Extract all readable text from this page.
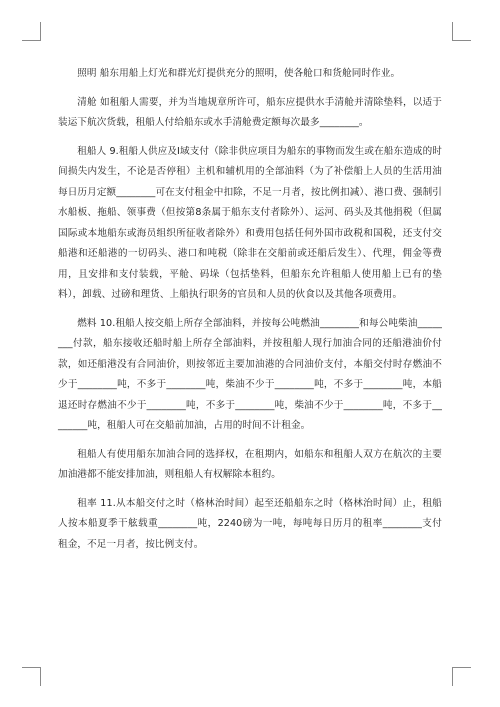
照明 船东用船上灯光和群光灯提供充分的照明，使各舱口和货舱同时作业。

清舱 如租船人需要，并为当地规章所许可，船东应提供水手清舱并清除垫料，以适于装运下航次货载，租船人付给船东或水手清舱费定额每次最多________。

租船人 9.租船人供应及Ⅰ域支付（除非供应项目为船东的事物而发生或在船东造成的时间损失内发生，不论是否停租）主机和辅机用的全部油料（为了补偿船上人员的生活用油每日历月定额________可在支付租金中扣除，不足一月者，按比例扣减）、港口费、强制引水船板、拖船、领事费（但按第8条属于船东支付者除外）、运河、码头及其他捐税（但属国际或本地船东或海员组织所征收者除外）和费用包括任何外国市政税和国税，还支付交船港和还船港的一切码头、港口和吨税（除非在交船前或还船后发生）、代理，佣金等费用，且安排和支付装载，平舱、码垛（包括垫料，但船东允许租船人使用船上已有的垫料），卸载、过磅和理货、上船执行职务的官员和人员的伙食以及其他各项费用。

燃料 10.租船人按交船上所存全部油料，并按每公吨燃油________和每公吨柴油________付款，船东接收还船时船上所存全部油料，并按租船人现行加油合同的还船港油价付款，如还船港没有合同油价，则按邻近主要加油港的合同油价支付，本船交付时存燃油不少于________吨，不多于________吨，柴油不少于________吨，不多于________吨，本船退还时存燃油不少于________吨，不多于________吨，柴油不少于________吨，不多于________吨，租船人可在交船前加油，占用的时间不计租金。

租船人有使用船东加油合同的选择权，在租期内，如船东和租船人双方在航次的主要加油港都不能安排加油，则租船人有权解除本租约。

租率 11.从本船交付之时（格林治时间）起至还船船东之时（格林治时间）止，租船人按本船夏季干舷载重________吨，2240磅为一吨，每吨每日历月的租率________支付租金，不足一月者，按比例支付。
